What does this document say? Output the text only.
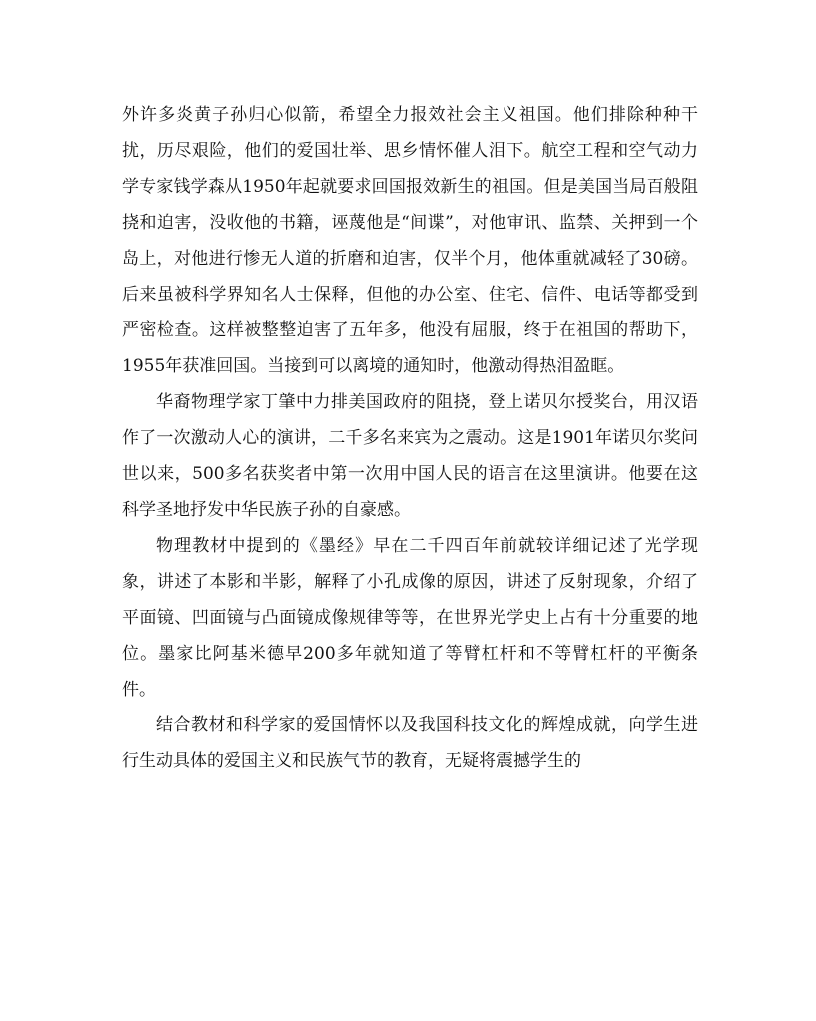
外许多炎黄子孙归心似箭，希望全力报效社会主义祖国。他们排除种种干扰，历尽艰险，他们的爱国壮举、思乡情怀催人泪下。航空工程和空气动力学专家钱学森从1950年起就要求回国报效新生的祖国。但是美国当局百般阻挠和迫害，没收他的书籍，诬蔑他是“间谍”，对他审讯、监禁、关押到一个岛上，对他进行惨无人道的折磨和迫害，仅半个月，他体重就减轻了30磅。后来虽被科学界知名人士保释，但他的办公室、住宅、信件、电话等都受到严密检查。这样被整整迫害了五年多，他没有屈服，终于在祖国的帮助下，1955年获准回国。当接到可以离境的通知时，他激动得热泪盈眶。

华裔物理学家丁肇中力排美国政府的阻挠，登上诺贝尔授奖台，用汉语作了一次激动人心的演讲，二千多名来宾为之震动。这是1901年诺贝尔奖问世以来，500多名获奖者中第一次用中国人民的语言在这里演讲。他要在这科学圣地抒发中华民族子孙的自豪感。

物理教材中提到的《墨经》早在二千四百年前就较详细记述了光学现象，讲述了本影和半影，解释了小孔成像的原因，讲述了反射现象，介绍了平面镜、凹面镜与凸面镜成像规律等等，在世界光学史上占有十分重要的地位。墨家比阿基米德早200多年就知道了等臂杠杆和不等臂杠杆的平衡条件。

结合教材和科学家的爱国情怀以及我国科技文化的辉煌成就，向学生进行生动具体的爱国主义和民族气节的教育，无疑将震撼学生的
